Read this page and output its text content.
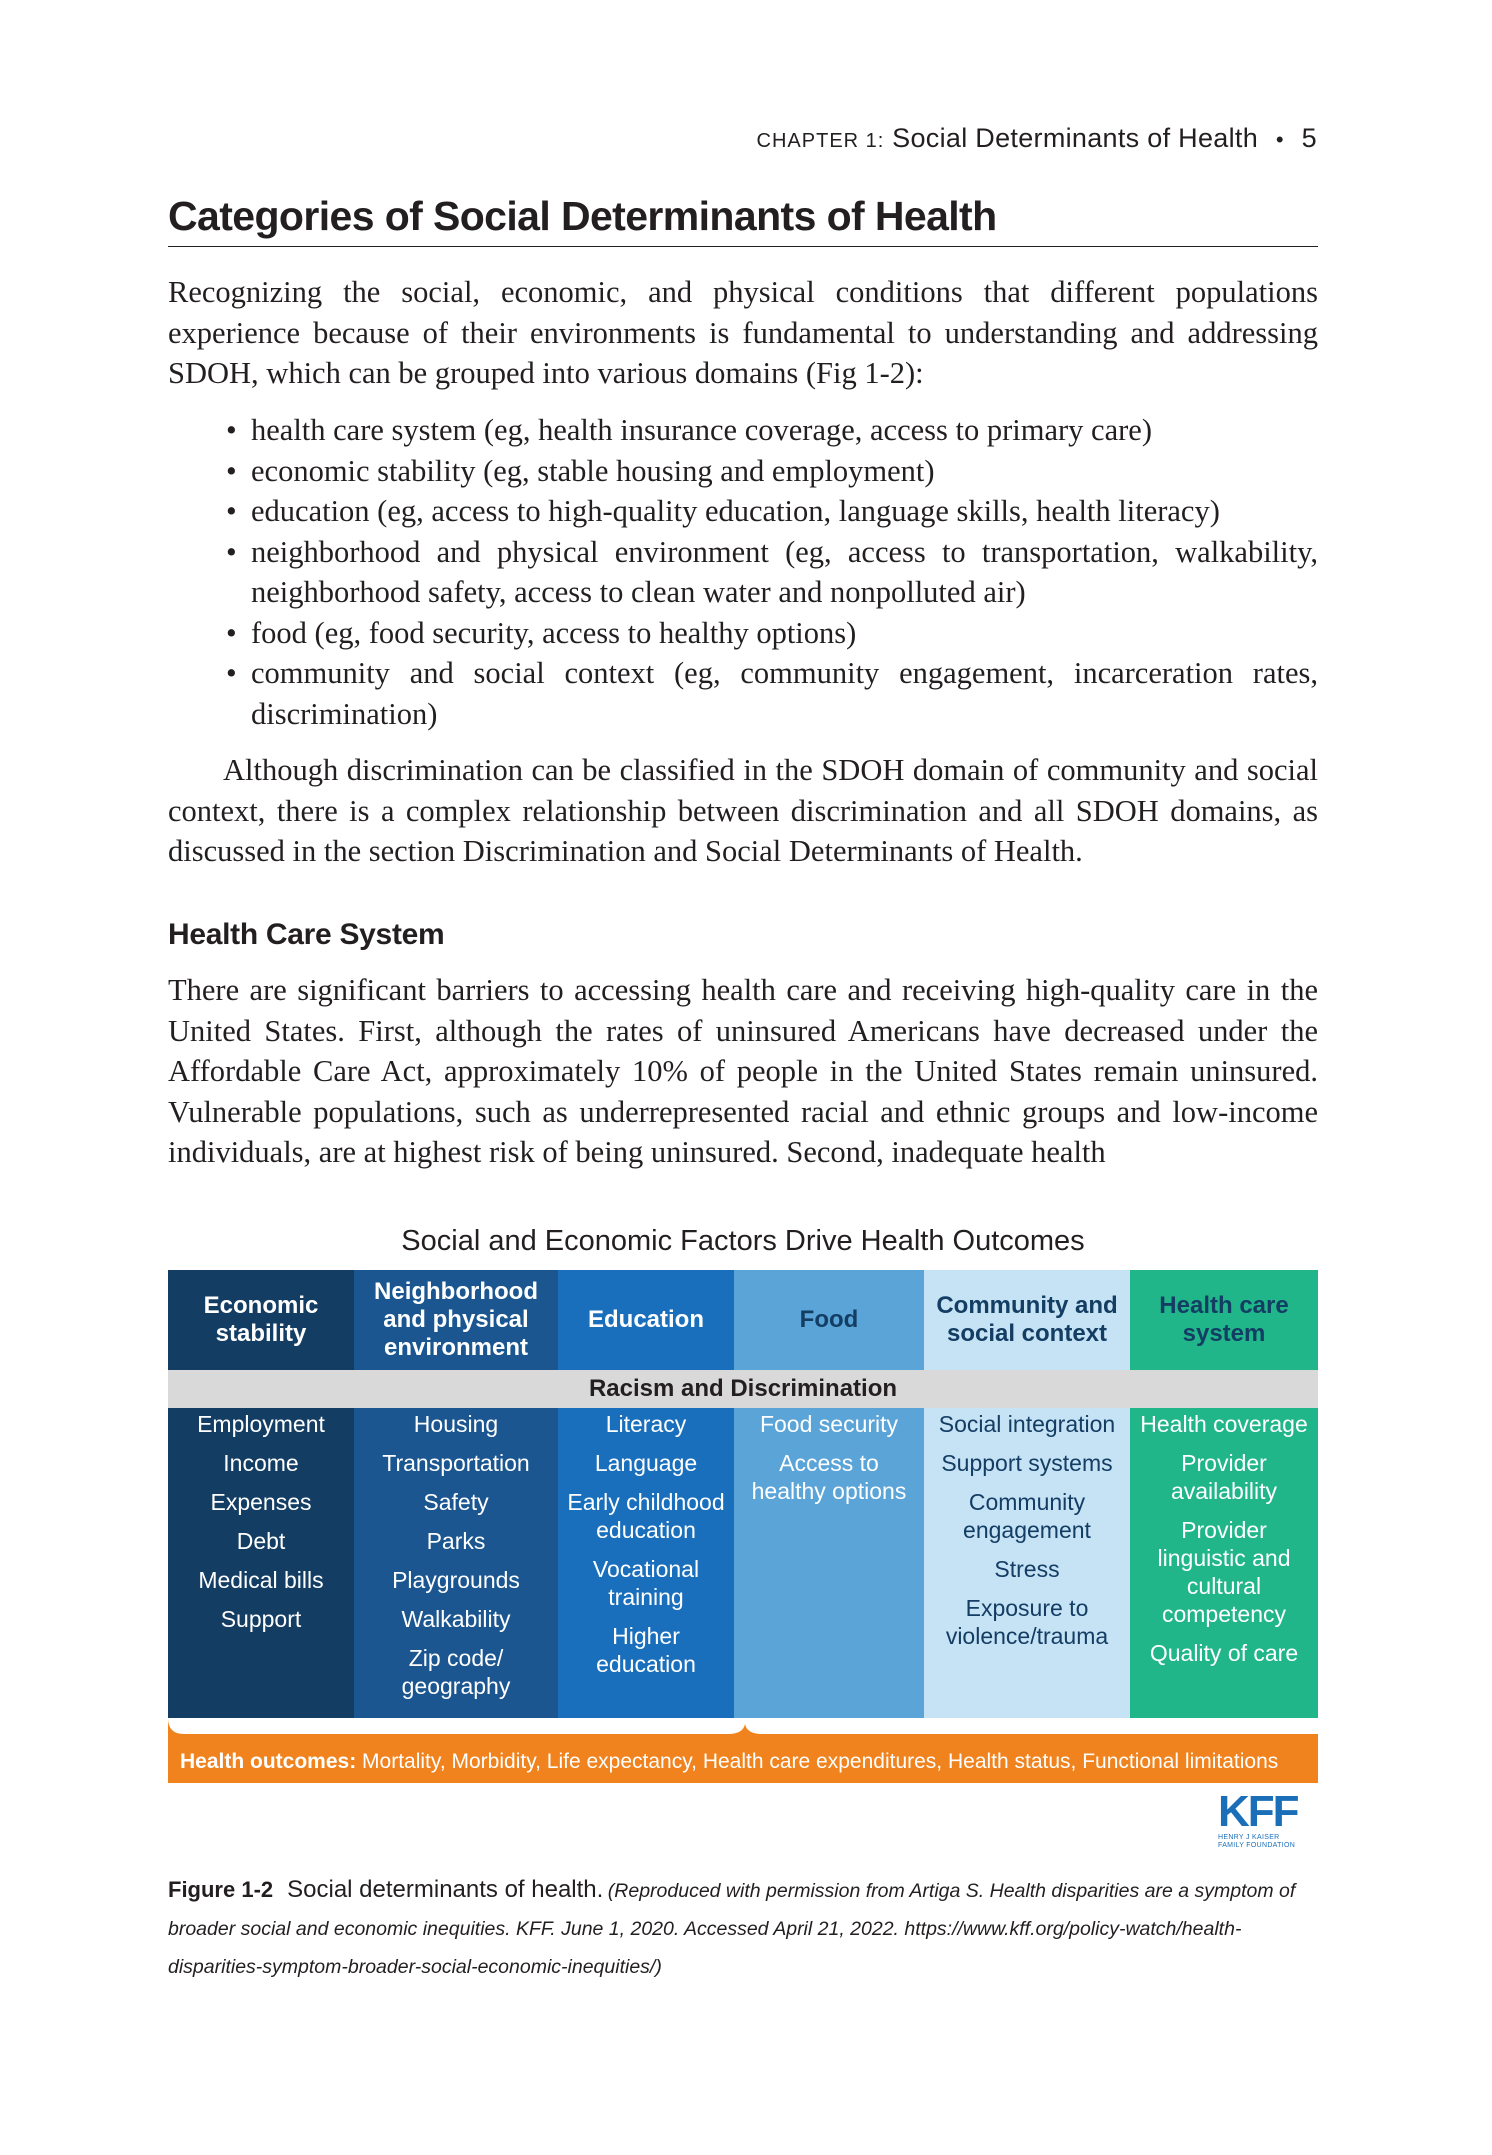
CHAPTER 1: Social Determinants of Health • 5
Categories of Social Determinants of Health
Recognizing the social, economic, and physical conditions that different populations experience because of their environments is fundamental to understanding and addressing SDOH, which can be grouped into various domains (Fig 1-2):
• health care system (eg, health insurance coverage, access to primary care)
• economic stability (eg, stable housing and employment)
• education (eg, access to high-quality education, language skills, health literacy)
• neighborhood and physical environment (eg, access to transportation, walkability, neighborhood safety, access to clean water and nonpolluted air)
• food (eg, food security, access to healthy options)
• community and social context (eg, community engagement, incarceration rates, discrimination)
Although discrimination can be classified in the SDOH domain of community and social context, there is a complex relationship between discrimination and all SDOH domains, as discussed in the section Discrimination and Social Determinants of Health.
Health Care System
There are significant barriers to accessing health care and receiving high-quality care in the United States. First, although the rates of uninsured Americans have decreased under the Affordable Care Act, approximately 10% of people in the United States remain uninsured. Vulnerable populations, such as underrepresented racial and ethnic groups and low-income individuals, are at highest risk of being uninsured. Second, inadequate health
Social and Economic Factors Drive Health Outcomes
Health care system
Health coverage
Provider availability
Provider linguistic and cultural competency
Quality of care
Community and social context
Social integration
Support systems
Community engagement
Stress
Exposure to violence/trauma
Food
Food security
Access to healthy options
Education
Literacy
Language
Early childhood education
Vocational training
Higher education
Neighborhood and physical environment
Housing
Transportation
Safety
Parks
Playgrounds
Walkability
Zip code/ geography
Economic stability
Employment
Income
Expenses
Debt
Medical bills
Support
Racism and Discrimination
Health outcomes: Mortality, Morbidity, Life expectancy, Health care expenditures, Health status, Functional limitations
KFF
HENRY J KAISER
FAMILY FOUNDATION
Figure 1-2 Social determinants of health. (Reproduced with permission from Artiga S. Health disparities are a symptom of broader social and economic inequities. KFF. June 1, 2020. Accessed April 21, 2022. https://www.kff.org/policy-watch/health-disparities-symptom-broader-social-economic-inequities/)
